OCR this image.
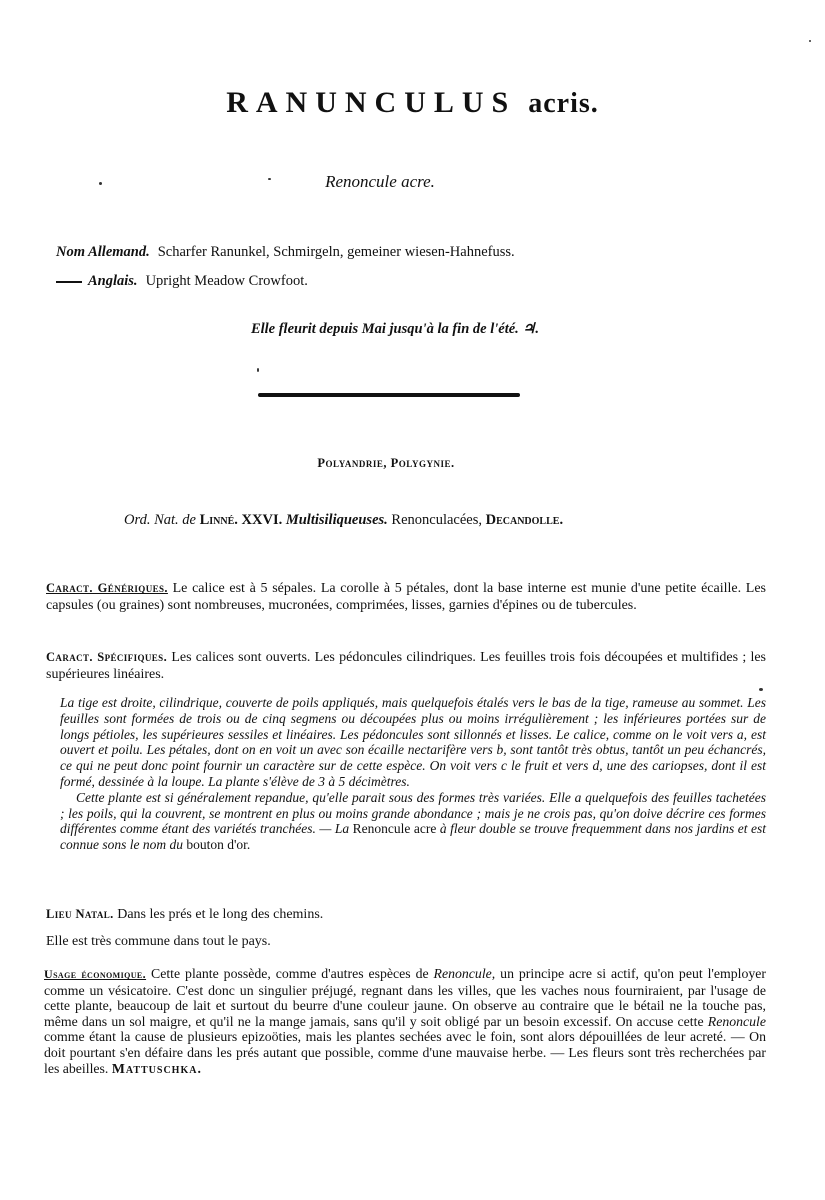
RANUNCULUS acris.
Renoncule acre.
Nom Allemand. Scharfer Ranunkel, Schmirgeln, gemeiner wiesen-Hahnefuss.
Anglais. Upright Meadow Crowfoot.
Elle fleurit depuis Mai jusqu'à la fin de l'été. ♃.
Polyandrie, Polygynie.
Ord. Nat. de Linné. XXVI. Multisiliqueuses. Renonculacées, Decandolle.
Caract. Génériques. Le calice est à 5 sépales. La corolle à 5 pétales, dont la base interne est munie d'une petite écaille. Les capsules (ou graines) sont nombreuses, mucronées, comprimées, lisses, garnies d'épines ou de tubercules.
Caract. Spécifiques. Les calices sont ouverts. Les pédoncules cilindriques. Les feuilles trois fois découpées et multifides ; les supérieures linéaires.

La tige est droite, cilindrique, couverte de poils appliqués, mais quelquefois étalés vers le bas de la tige, rameuse au sommet. Les feuilles sont formées de trois ou de cinq segmens ou découpées plus ou moins irrégulièrement ; les inférieures portées sur de longs pétioles, les supérieures sessiles et linéaires. Les pédoncules sont sillonnés et lisses. Le calice, comme on le voit vers a, est ouvert et poilu. Les pétales, dont on en voit un avec son écaille nectarifère vers b, sont tantôt très obtus, tantôt un peu échancrés, ce qui ne peut donc point fournir un caractère sur de cette espèce. On voit vers c le fruit et vers d, une des cariopses, dont il est formé, dessinée à la loupe. La plante s'élève de 3 à 5 décimètres.

Cette plante est si généralement repandue, qu'elle parait sous des formes très variées. Elle a quelquefois des feuilles tachetées ; les poils, qui la couvrent, se montrent en plus ou moins grande abondance ; mais je ne crois pas, qu'on doive décrire ces formes différentes comme étant des variétés tranchées. — La Renoncule acre à fleur double se trouve frequemment dans nos jardins et est connue sons le nom du bouton d'or.

Lieu Natal. Dans les prés et le long des chemins.
Elle est très commune dans tout le pays.
Usage économique. Cette plante possède, comme d'autres espèces de Renoncule, un principe acre si actif, qu'on peut l'employer comme un vésicatoire. C'est donc un singulier préjugé, regnant dans les villes, que les vaches nous fourniraient, par l'usage de cette plante, beaucoup de lait et surtout du beurre d'une couleur jaune. On observe au contraire que le bétail ne la touche pas, même dans un sol maigre, et qu'il ne la mange jamais, sans qu'il y soit obligé par un besoin excessif. On accuse cette Renoncule comme étant la cause de plusieurs epizoöties, mais les plantes sechées avec le foin, sont alors dépouillées de leur acreté. — On doit pourtant s'en défaire dans les prés autant que possible, comme d'une mauvaise herbe. — Les fleurs sont très recherchées par les abeilles. Mattuschka.
